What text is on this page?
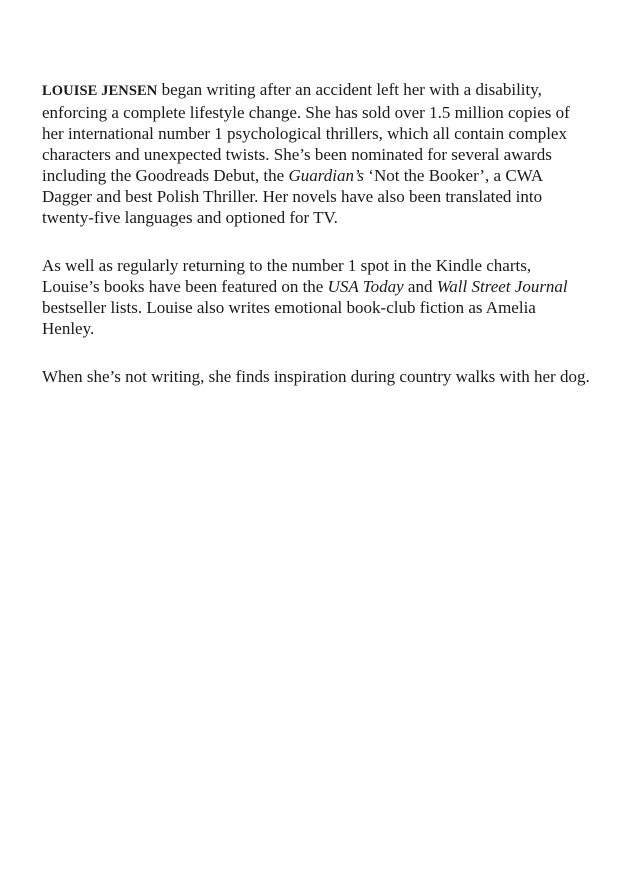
LOUISE JENSEN began writing after an accident left her with a disability, enforcing a complete lifestyle change. She has sold over 1.5 million copies of her international number 1 psychological thrillers, which all contain complex characters and unexpected twists. She’s been nominated for several awards including the Goodreads Debut, the Guardian’s ‘Not the Booker’, a CWA Dagger and best Polish Thriller. Her novels have also been translated into twenty-five languages and optioned for TV.

As well as regularly returning to the number 1 spot in the Kindle charts, Louise’s books have been featured on the USA Today and Wall Street Journal bestseller lists. Louise also writes emotional book-club fiction as Amelia Henley.

When she’s not writing, she finds inspiration during country walks with her dog.
